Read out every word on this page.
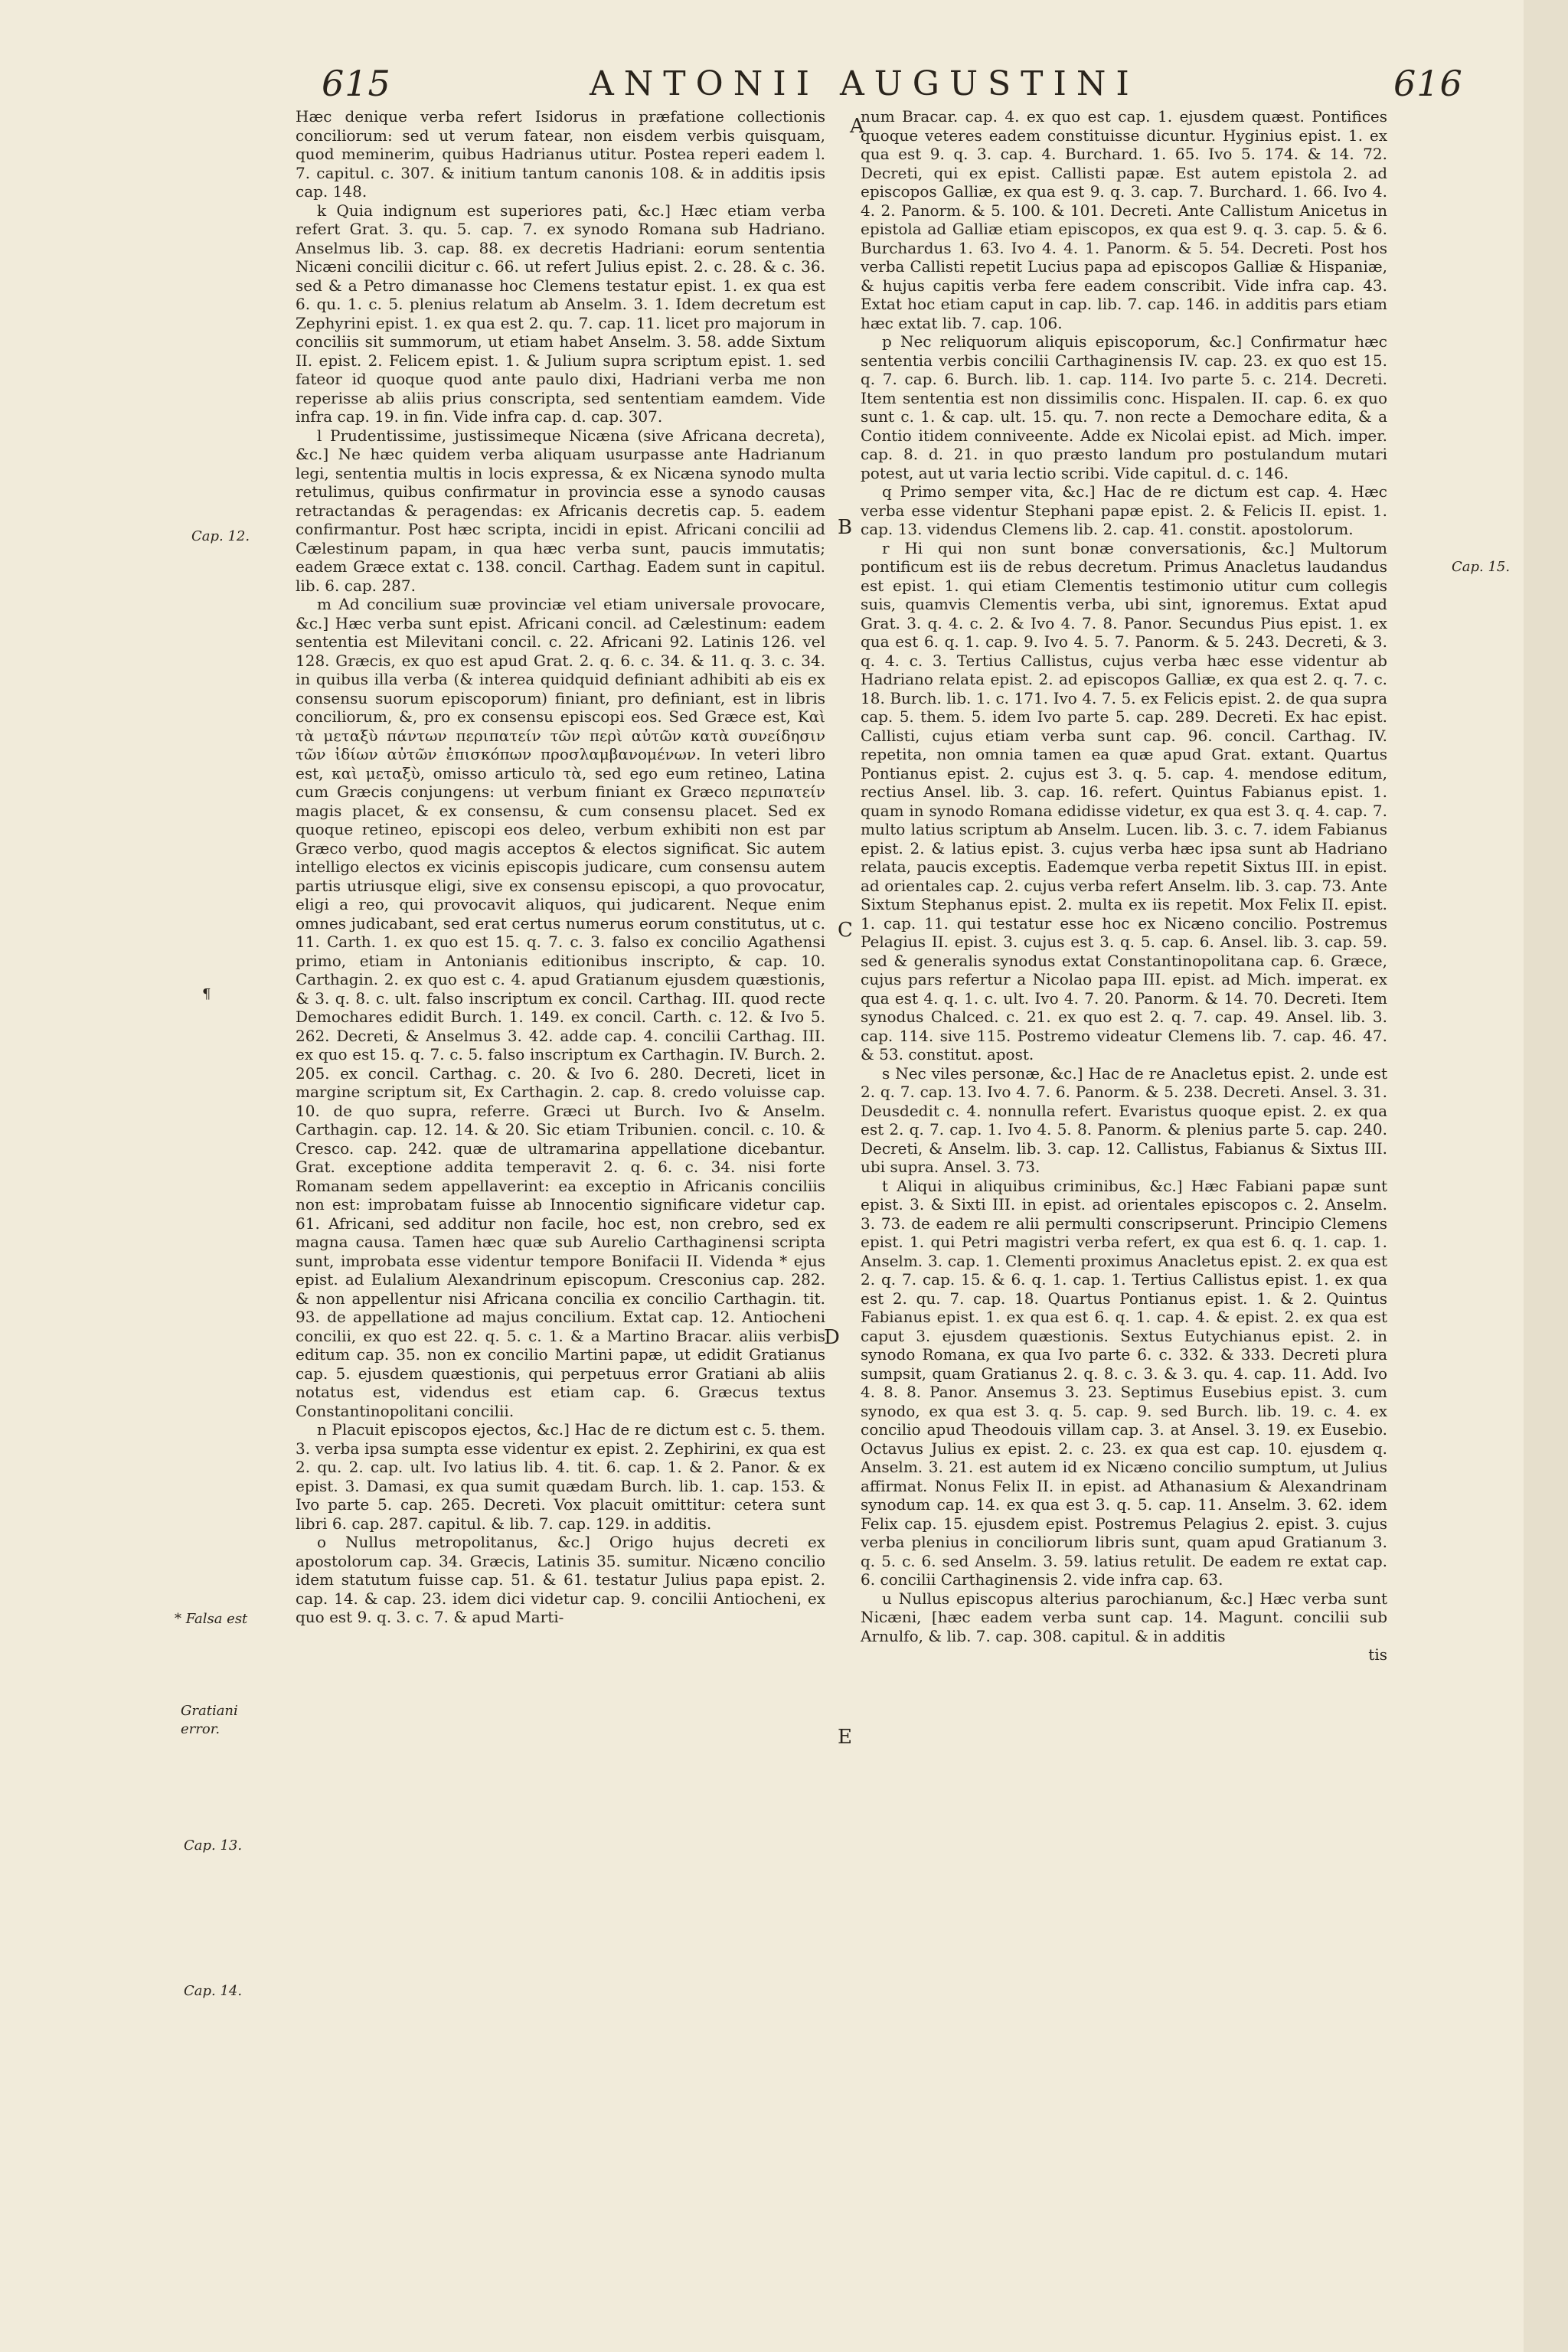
615	ANTONII AUGUSTINI	616
Cap. 12.
¶
* Falsa est
Gratiani
error.
Cap. 13.
Cap. 14.
Cap. 15.
A
B
C
D
E

Hæc denique verba refert Isidorus in præfatione collectionis conciliorum: sed ut verum fatear, non eisdem verbis quisquam, quod meminerim, quibus Hadrianus utitur. Postea reperi eadem l. 7. capitul. c. 307. & initium tantum canonis 108. & in additis ipsis cap. 148.

k Quia indignum est superiores pati, &c.] Hæc etiam verba refert Grat. 3. qu. 5. cap. 7. ex synodo Romana sub Hadriano. Anselmus lib. 3. cap. 88. ex decretis Hadriani: eorum sententia Nicæni concilii dicitur c. 66. ut refert Julius epist. 2. c. 28. & c. 36. sed & a Petro dimanasse hoc Clemens testatur epist. 1. ex qua est 6. qu. 1. c. 5. plenius relatum ab Anselm. 3. 1. Idem decretum est Zephyrini epist. 1. ex qua est 2. qu. 7. cap. 11. licet pro majorum in conciliis sit summorum, ut etiam habet Anselm. 3. 58. adde Sixtum II. epist. 2. Felicem epist. 1. & Julium supra scriptum epist. 1. sed fateor id quoque quod ante paulo dixi, Hadriani verba me non reperisse ab aliis prius conscripta, sed sententiam eamdem. Vide infra cap. 19. in fin. Vide infra cap. d. cap. 307.

l Prudentissime, justissimeque Nicæna (sive Africana decreta), &c.] Ne hæc quidem verba aliquam usurpasse ante Hadrianum legi, sententia multis in locis expressa, & ex Nicæna synodo multa retulimus, quibus confirmatur in provincia esse a synodo causas retractandas & peragendas: ex Africanis decretis cap. 5. eadem confirmantur. Post hæc scripta, incidi in epist. Africani concilii ad Cælestinum papam, in qua hæc verba sunt, paucis immutatis; eadem Græce extat c. 138. concil. Carthag. Eadem sunt in capitul. lib. 6. cap. 287.

m Ad concilium suæ provinciæ vel etiam universale provocare, &c.] Hæc verba sunt epist. Africani concil. ad Cælestinum: eadem sententia est Milevitani concil. c. 22. Africani 92. Latinis 126. vel 128. Græcis, ex quo est apud Grat. 2. q. 6. c. 34. & 11. q. 3. c. 34. in quibus illa verba (& interea quidquid definiant adhibiti ab eis ex consensu suorum episcoporum) finiant, pro definiant, est in libris conciliorum, &, pro ex consensu episcopi eos. Sed Græce est, Καὶ τὰ μεταξὺ πάντων περιπατείν τῶν περὶ αὐτῶν κατὰ συνείδησιν τῶν ἰδίων αὐτῶν ἐπισκόπων προσλαμβανομένων. In veteri libro est, καὶ μεταξὺ, omisso articulo τὰ, sed ego eum retineo, Latina cum Græcis conjungens: ut verbum finiant ex Græco περιπατείν magis placet, & ex consensu, & cum consensu placet. Sed ex quoque retineo, episcopi eos deleo, verbum exhibiti non est par Græco verbo, quod magis acceptos & electos significat. Sic autem intelligo electos ex vicinis episcopis judicare, cum consensu autem partis utriusque eligi, sive ex consensu episcopi, a quo provocatur, eligi a reo, qui provocavit aliquos, qui judicarent. Neque enim omnes judicabant, sed erat certus numerus eorum constitutus, ut c. 11. Carth. 1. ex quo est 15. q. 7. c. 3. falso ex concilio Agathensi primo, etiam in Antonianis editionibus inscripto, & cap. 10. Carthagin. 2. ex quo est c. 4. apud Gratianum ejusdem quæstionis, & 3. q. 8. c. ult. falso inscriptum ex concil. Carthag. III. quod recte Demochares edidit Burch. 1. 149. ex concil. Carth. c. 12. & Ivo 5. 262. Decreti, & Anselmus 3. 42. adde cap. 4. concilii Carthag. III. ex quo est 15. q. 7. c. 5. falso inscriptum ex Carthagin. IV. Burch. 2. 205. ex concil. Carthag. c. 20. & Ivo 6. 280. Decreti, licet in margine scriptum sit, Ex Carthagin. 2. cap. 8. credo voluisse cap. 10. de quo supra, referre. Græci ut Burch. Ivo & Anselm. Carthagin. cap. 12. 14. & 20. Sic etiam Tribunien. concil. c. 10. & Cresco. cap. 242. quæ de ultramarina appellatione dicebantur. Grat. exceptione addita temperavit 2. q. 6. c. 34. nisi forte Romanam sedem appellaverint: ea exceptio in Africanis conciliis non est: improbatam fuisse ab Innocentio significare videtur cap. 61. Africani, sed additur non facile, hoc est, non crebro, sed ex magna causa. Tamen hæc quæ sub Aurelio Carthaginensi scripta sunt, improbata esse videntur tempore Bonifacii II. Videnda * ejus epist. ad Eulalium Alexandrinum episcopum. Cresconius cap. 282. & non appellentur nisi Africana concilia ex concilio Carthagin. tit. 93. de appellatione ad majus concilium. Extat cap. 12. Antiocheni concilii, ex quo est 22. q. 5. c. 1. & a Martino Bracar. aliis verbis editum cap. 35. non ex concilio Martini papæ, ut edidit Gratianus cap. 5. ejusdem quæstionis, qui perpetuus error Gratiani ab aliis notatus est, videndus est etiam cap. 6. Græcus textus Constantinopolitani concilii.

n Placuit episcopos ejectos, &c.] Hac de re dictum est c. 5. them. 3. verba ipsa sumpta esse videntur ex epist. 2. Zephirini, ex qua est 2. qu. 2. cap. ult. Ivo latius lib. 4. tit. 6. cap. 1. & 2. Panor. & ex epist. 3. Damasi, ex qua sumit quædam Burch. lib. 1. cap. 153. & Ivo parte 5. cap. 265. Decreti. Vox placuit omittitur: cetera sunt libri 6. cap. 287. capitul. & lib. 7. cap. 129. in additis.

o Nullus metropolitanus, &c.] Origo hujus decreti ex apostolorum cap. 34. Græcis, Latinis 35. sumitur. Nicæno concilio idem statutum fuisse cap. 51. & 61. testatur Julius papa epist. 2. cap. 14. & cap. 23. idem dici videtur cap. 9. concilii Antiocheni, ex quo est 9. q. 3. c. 7. & apud Marti-

num Bracar. cap. 4. ex quo est cap. 1. ejusdem quæst. Pontifices quoque veteres eadem constituisse dicuntur. Hyginius epist. 1. ex qua est 9. q. 3. cap. 4. Burchard. 1. 65. Ivo 5. 174. & 14. 72. Decreti, qui ex epist. Callisti papæ. Est autem epistola 2. ad episcopos Galliæ, ex qua est 9. q. 3. cap. 7. Burchard. 1. 66. Ivo 4. 4. 2. Panorm. & 5. 100. & 101. Decreti. Ante Callistum Anicetus in epistola ad Galliæ etiam episcopos, ex qua est 9. q. 3. cap. 5. & 6. Burchardus 1. 63. Ivo 4. 4. 1. Panorm. & 5. 54. Decreti. Post hos verba Callisti repetit Lucius papa ad episcopos Galliæ & Hispaniæ, & hujus capitis verba fere eadem conscribit. Vide infra cap. 43. Extat hoc etiam caput in cap. lib. 7. cap. 146. in additis pars etiam hæc extat lib. 7. cap. 106.

p Nec reliquorum aliquis episcoporum, &c.] Confirmatur hæc sententia verbis concilii Carthaginensis IV. cap. 23. ex quo est 15. q. 7. cap. 6. Burch. lib. 1. cap. 114. Ivo parte 5. c. 214. Decreti. Item sententia est non dissimilis conc. Hispalen. II. cap. 6. ex quo sunt c. 1. & cap. ult. 15. qu. 7. non recte a Demochare edita, & a Contio itidem conniveente. Adde ex Nicolai epist. ad Mich. imper. cap. 8. d. 21. in quo præsto landum pro postulandum mutari potest, aut ut varia lectio scribi. Vide capitul. d. c. 146.

q Primo semper vita, &c.] Hac de re dictum est cap. 4. Hæc verba esse videntur Stephani papæ epist. 2. & Felicis II. epist. 1. cap. 13. videndus Clemens lib. 2. cap. 41. constit. apostolorum.

r Hi qui non sunt bonæ conversationis, &c.] Multorum pontificum est iis de rebus decretum. Primus Anacletus laudandus est epist. 1. qui etiam Clementis testimonio utitur cum collegis suis, quamvis Clementis verba, ubi sint, ignoremus. Extat apud Grat. 3. q. 4. c. 2. & Ivo 4. 7. 8. Panor. Secundus Pius epist. 1. ex qua est 6. q. 1. cap. 9. Ivo 4. 5. 7. Panorm. & 5. 243. Decreti, & 3. q. 4. c. 3. Tertius Callistus, cujus verba hæc esse videntur ab Hadriano relata epist. 2. ad episcopos Galliæ, ex qua est 2. q. 7. c. 18. Burch. lib. 1. c. 171. Ivo 4. 7. 5. ex Felicis epist. 2. de qua supra cap. 5. them. 5. idem Ivo parte 5. cap. 289. Decreti. Ex hac epist. Callisti, cujus etiam verba sunt cap. 96. concil. Carthag. IV. repetita, non omnia tamen ea quæ apud Grat. extant. Quartus Pontianus epist. 2. cujus est 3. q. 5. cap. 4. mendose editum, rectius Ansel. lib. 3. cap. 16. refert. Quintus Fabianus epist. 1. quam in synodo Romana edidisse videtur, ex qua est 3. q. 4. cap. 7. multo latius scriptum ab Anselm. Lucen. lib. 3. c. 7. idem Fabianus epist. 2. & latius epist. 3. cujus verba hæc ipsa sunt ab Hadriano relata, paucis exceptis. Eademque verba repetit Sixtus III. in epist. ad orientales cap. 2. cujus verba refert Anselm. lib. 3. cap. 73. Ante Sixtum Stephanus epist. 2. multa ex iis repetit. Mox Felix II. epist. 1. cap. 11. qui testatur esse hoc ex Nicæno concilio. Postremus Pelagius II. epist. 3. cujus est 3. q. 5. cap. 6. Ansel. lib. 3. cap. 59. sed & generalis synodus extat Constantinopolitana cap. 6. Græce, cujus pars refertur a Nicolao papa III. epist. ad Mich. imperat. ex qua est 4. q. 1. c. ult. Ivo 4. 7. 20. Panorm. & 14. 70. Decreti. Item synodus Chalced. c. 21. ex quo est 2. q. 7. cap. 49. Ansel. lib. 3. cap. 114. sive 115. Postremo videatur Clemens lib. 7. cap. 46. 47. & 53. constitut. apost.

s Nec viles personæ, &c.] Hac de re Anacletus epist. 2. unde est 2. q. 7. cap. 13. Ivo 4. 7. 6. Panorm. & 5. 238. Decreti. Ansel. 3. 31. Deusdedit c. 4. nonnulla refert. Evaristus quoque epist. 2. ex qua est 2. q. 7. cap. 1. Ivo 4. 5. 8. Panorm. & plenius parte 5. cap. 240. Decreti, & Anselm. lib. 3. cap. 12. Callistus, Fabianus & Sixtus III. ubi supra. Ansel. 3. 73.

t Aliqui in aliquibus criminibus, &c.] Hæc Fabiani papæ sunt epist. 3. & Sixti III. in epist. ad orientales episcopos c. 2. Anselm. 3. 73. de eadem re alii permulti conscripserunt. Principio Clemens epist. 1. qui Petri magistri verba refert, ex qua est 6. q. 1. cap. 1. Anselm. 3. cap. 1. Clementi proximus Anacletus epist. 2. ex qua est 2. q. 7. cap. 15. & 6. q. 1. cap. 1. Tertius Callistus epist. 1. ex qua est 2. qu. 7. cap. 18. Quartus Pontianus epist. 1. & 2. Quintus Fabianus epist. 1. ex qua est 6. q. 1. cap. 4. & epist. 2. ex qua est caput 3. ejusdem quæstionis. Sextus Eutychianus epist. 2. in synodo Romana, ex qua Ivo parte 6. c. 332. & 333. Decreti plura sumpsit, quam Gratianus 2. q. 8. c. 3. & 3. qu. 4. cap. 11. Add. Ivo 4. 8. 8. Panor. Ansemus 3. 23. Septimus Eusebius epist. 3. cum synodo, ex qua est 3. q. 5. cap. 9. sed Burch. lib. 19. c. 4. ex concilio apud Theodouis villam cap. 3. at Ansel. 3. 19. ex Eusebio. Octavus Julius ex epist. 2. c. 23. ex qua est cap. 10. ejusdem q. Anselm. 3. 21. est autem id ex Nicæno concilio sumptum, ut Julius affirmat. Nonus Felix II. in epist. ad Athanasium & Alexandrinam synodum cap. 14. ex qua est 3. q. 5. cap. 11. Anselm. 3. 62. idem Felix cap. 15. ejusdem epist. Postremus Pelagius 2. epist. 3. cujus verba plenius in conciliorum libris sunt, quam apud Gratianum 3. q. 5. c. 6. sed Anselm. 3. 59. latius retulit. De eadem re extat cap. 6. concilii Carthaginensis 2. vide infra cap. 63.

u Nullus episcopus alterius parochianum, &c.] Hæc verba sunt Nicæni, [hæc eadem verba sunt cap. 14. Magunt. concilii sub Arnulfo, & lib. 7. cap. 308. capitul. & in additis

tis
